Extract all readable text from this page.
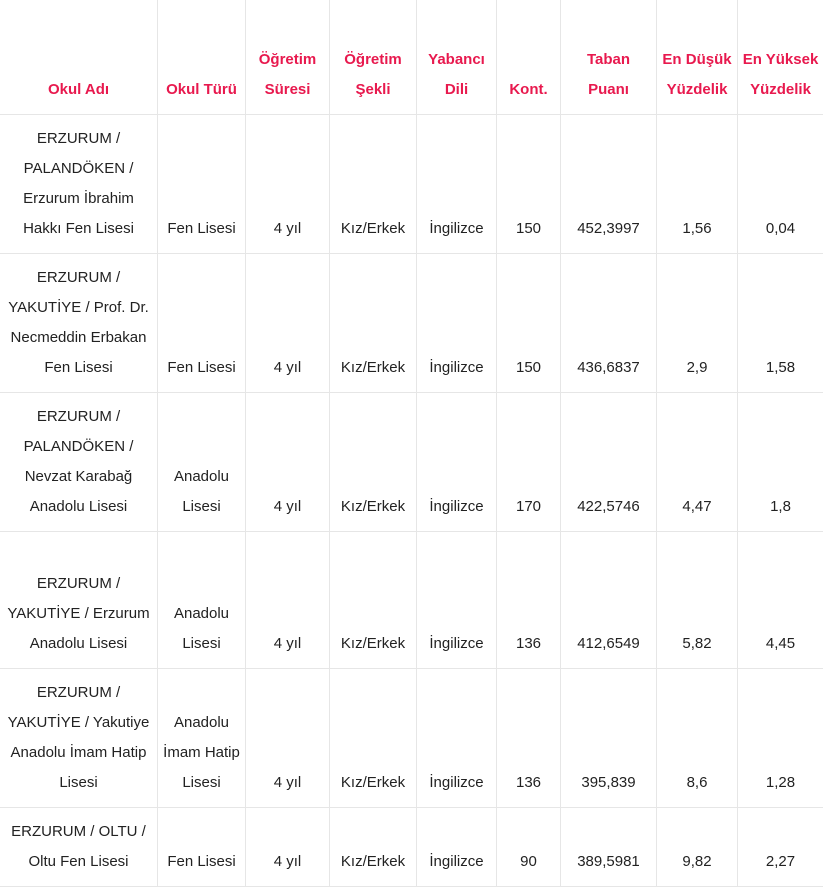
Okul Adı	Okul Türü	Öğretim Süresi	Öğretim Şekli	Yabancı Dili	Kont.	Taban Puanı	En Düşük Yüzdelik	En Yüksek Yüzdelik
ERZURUM / PALANDÖKEN / Erzurum İbrahim Hakkı Fen Lisesi	Fen Lisesi	4 yıl	Kız/Erkek	İngilizce	150	452,3997	1,56	0,04
ERZURUM / YAKUTİYE / Prof. Dr. Necmeddin Erbakan Fen Lisesi	Fen Lisesi	4 yıl	Kız/Erkek	İngilizce	150	436,6837	2,9	1,58
ERZURUM / PALANDÖKEN / Nevzat Karabağ Anadolu Lisesi	Anadolu Lisesi	4 yıl	Kız/Erkek	İngilizce	170	422,5746	4,47	1,8
ERZURUM / YAKUTİYE / Erzurum Anadolu Lisesi	Anadolu Lisesi	4 yıl	Kız/Erkek	İngilizce	136	412,6549	5,82	4,45
ERZURUM / YAKUTİYE / Yakutiye Anadolu İmam Hatip Lisesi	Anadolu İmam Hatip Lisesi	4 yıl	Kız/Erkek	İngilizce	136	395,839	8,6	1,28
ERZURUM / OLTU / Oltu Fen Lisesi	Fen Lisesi	4 yıl	Kız/Erkek	İngilizce	90	389,5981	9,82	2,27
